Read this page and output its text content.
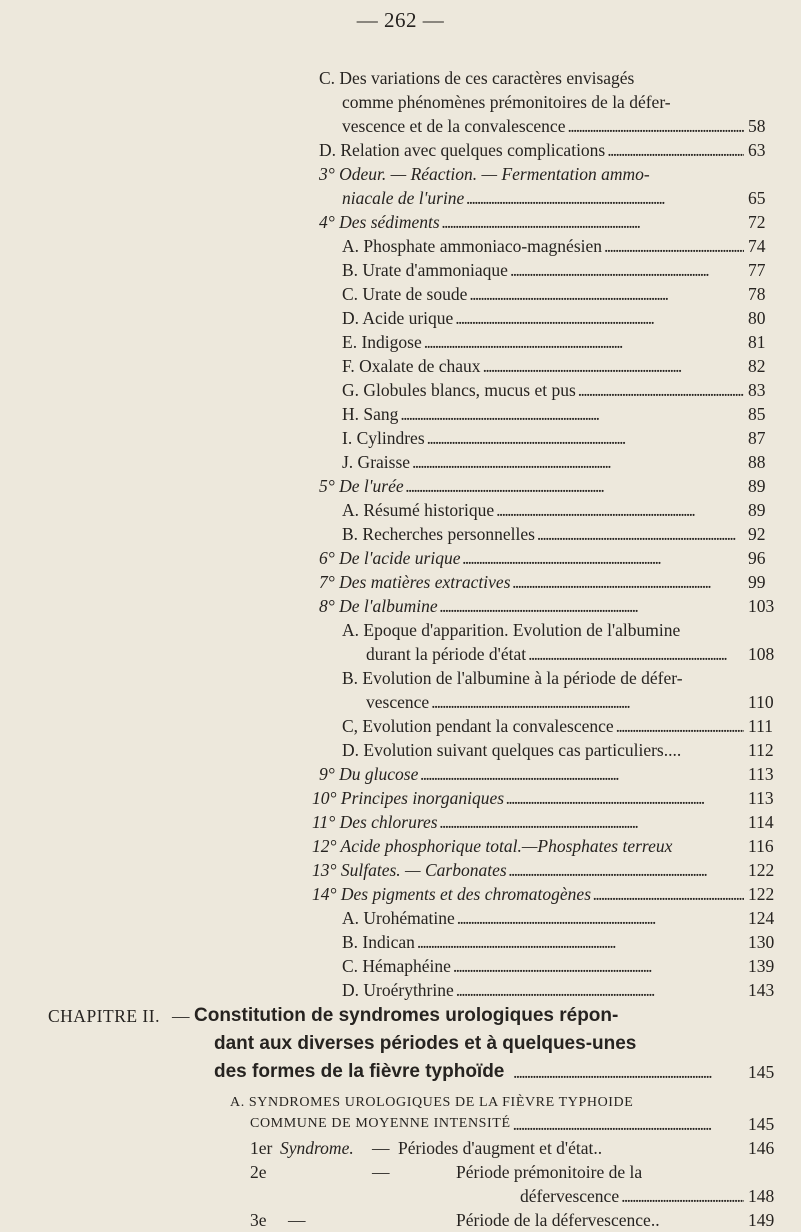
— 262 —
C. Des variations de ces caractères envisagés
comme phénomènes prémonitoires de la défer-
vescence et de la convalescence . . .	58
D. Relation avec quelques complications . . .	63
3° Odeur. — Réaction. — Fermentation ammo-
niacale de l'urine . . .	65
4° Des sédiments . . .	72
A. Phosphate ammoniaco-magnésien . . .	74
B. Urate d'ammoniaque . . .	77
C. Urate de soude . . .	78
D. Acide urique . . .	80
E. Indigose . . .	81
F. Oxalate de chaux . . .	82
G. Globules blancs, mucus et pus . . .	83
H. Sang . . .	85
I. Cylindres . . .	87
J. Graisse . . .	88
5° De l'urée . . .	89
A. Résumé historique . . .	89
B. Recherches personnelles . . .	92
6° De l'acide urique . . .	96
7° Des matières extractives . . .	99
8° De l'albumine . . .	103
A. Epoque d'apparition. Evolution de l'albumine
durant la période d'état . . .	108
B. Evolution de l'albumine à la période de défer-
vescence . . .	110
C, Evolution pendant la convalescence . . .	111
D. Evolution suivant quelques cas particuliers....	112
9° Du glucose . . .	113
10° Principes inorganiques . . .	113
11° Des chlorures . . .	114
12° Acide phosphorique total.—Phosphates terreux	116
13° Sulfates. — Carbonates . . .	122
14° Des pigments et des chromatogènes . . .	122
A. Urohématine . . .	124
B. Indican . . .	130
C. Hémaphéine . . .	139
D. Uroérythrine . . .	143
CHAPITRE II. — Constitution de syndromes urologiques répon-
dant aux diverses périodes et à quelques-unes
des formes de la fièvre typhoïde . . .	145
A. SYNDROMES UROLOGIQUES DE LA FIÈVRE TYPHOIDE
COMMUNE DE MOYENNE INTENSITÉ . . .	145
1er Syndrome. — Périodes d'augment et d'état..	146
2e	—	Période prémonitoire de la
défervescence . . .	148
3e —	Période de la défervescence..	149
